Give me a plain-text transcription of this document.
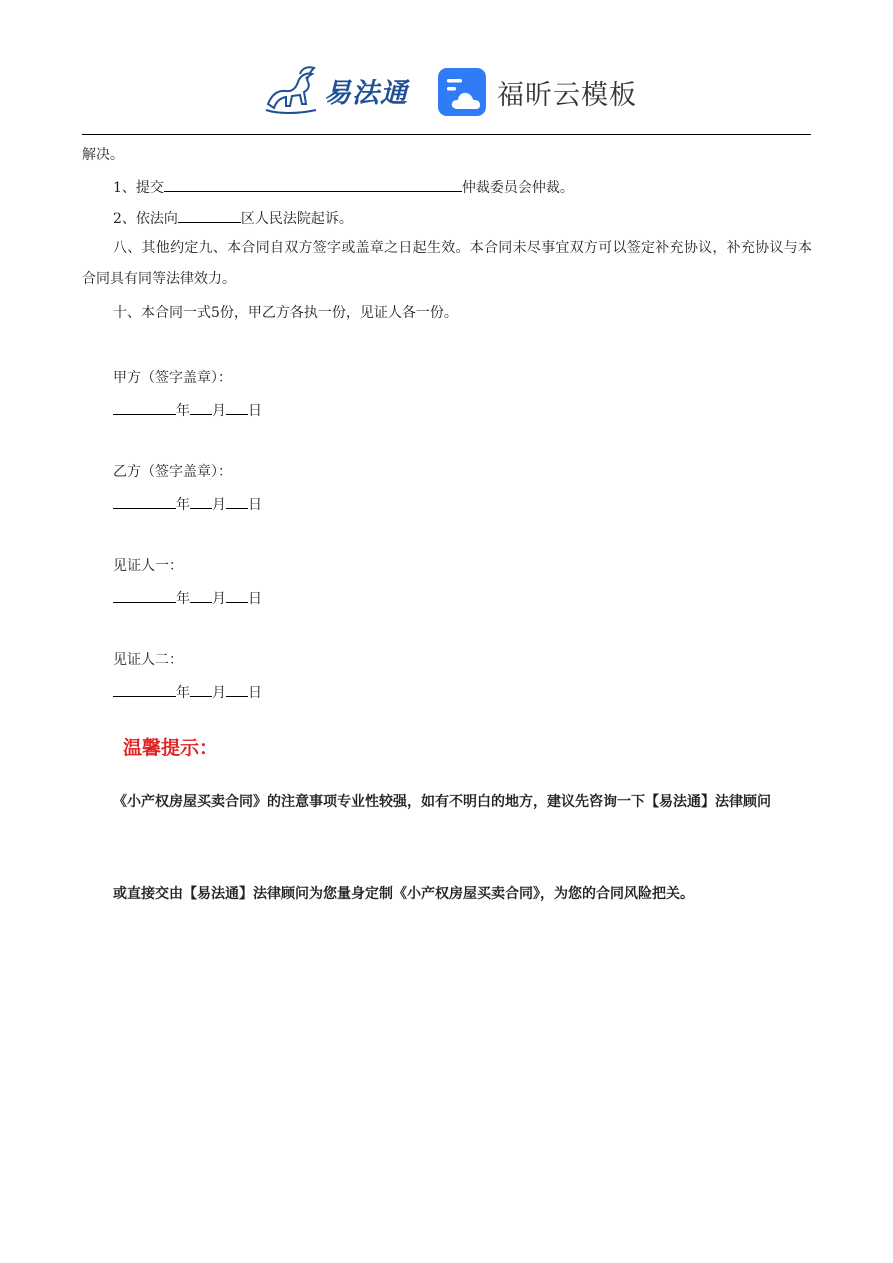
易法通	福昕云模板
解决。
1、提交	仲裁委员会仲裁。
2、依法向	区人民法院起诉。
八、其他约定九、本合同自双方签字或盖章之日起生效。本合同未尽事宜双方可以签定补充协议，补充协议与本合同具有同等法律效力。
十、本合同一式5份，甲乙方各执一份，见证人各一份。
甲方（签字盖章）：
年 月 日
乙方（签字盖章）：
年 月 日
见证人一：
年 月 日
见证人二：
年 月 日
温馨提示：
《小产权房屋买卖合同》的注意事项专业性较强，如有不明白的地方，建议先咨询一下【易法通】法律顾问
或直接交由【易法通】法律顾问为您量身定制《小产权房屋买卖合同》，为您的合同风险把关。
